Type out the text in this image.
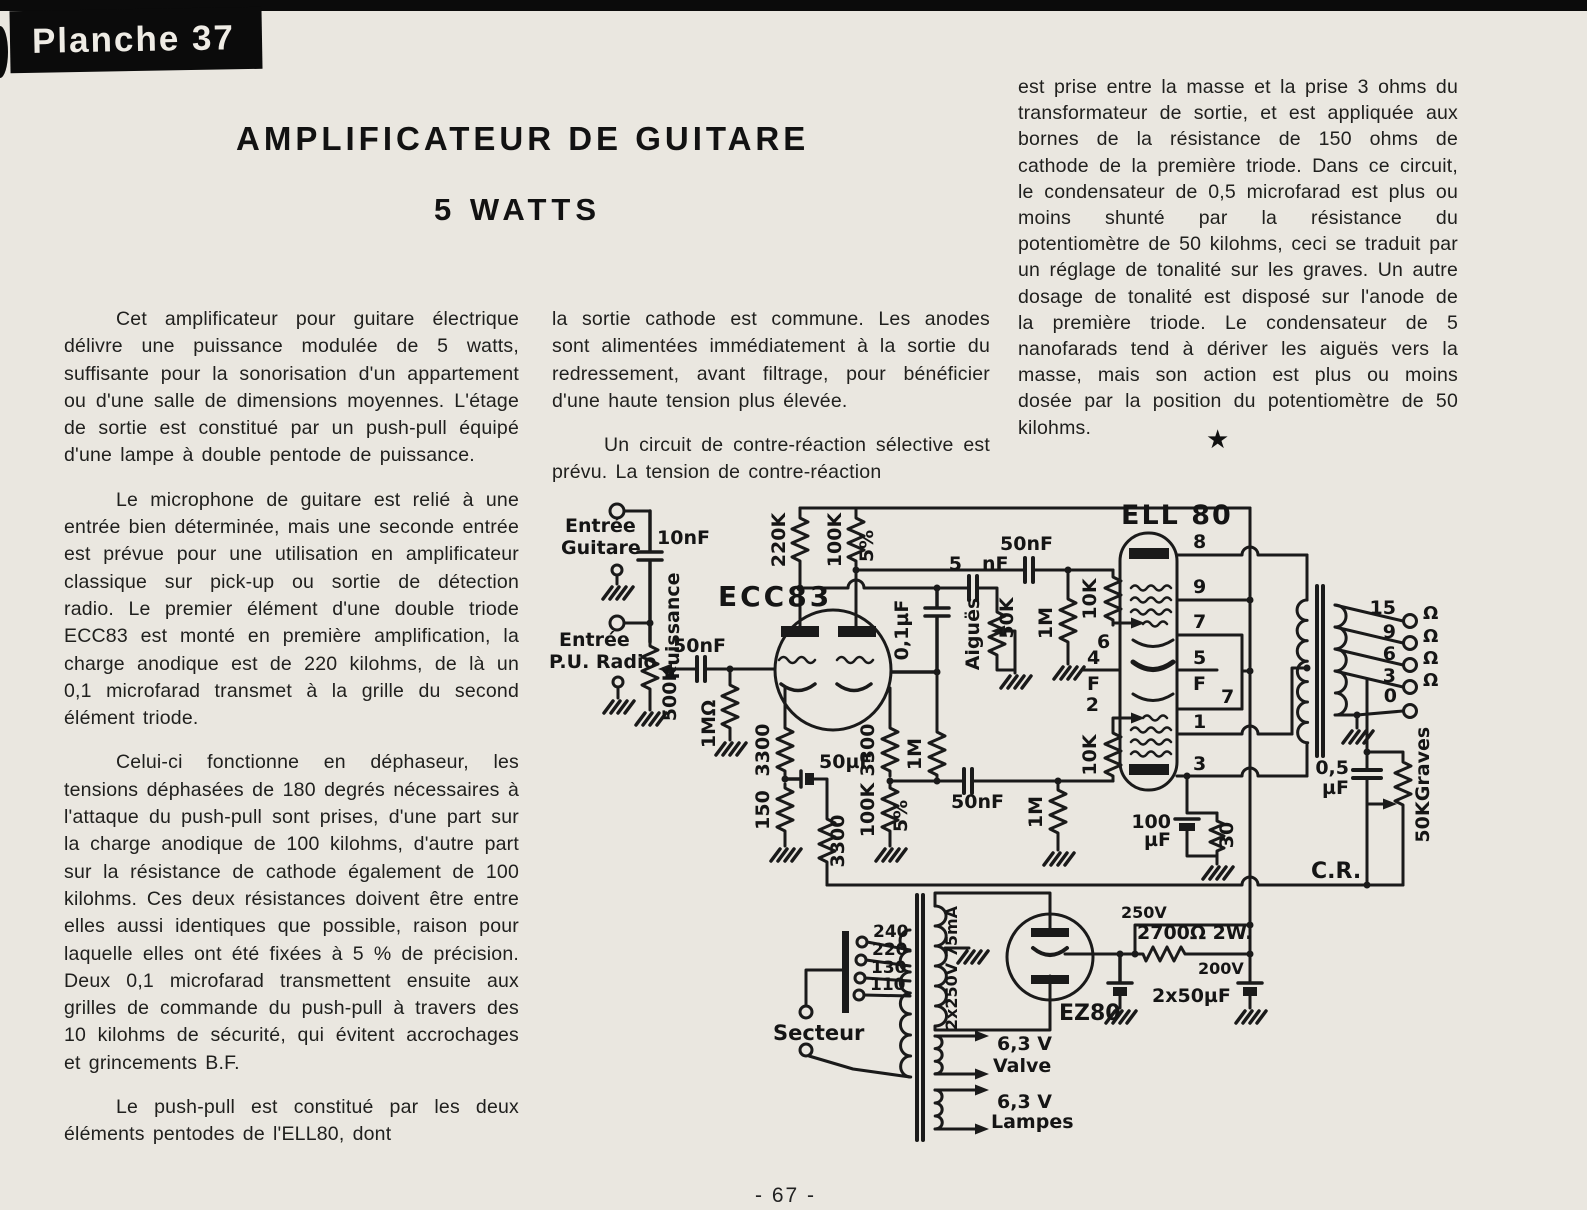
Planche 37
AMPLIFICATEUR DE GUITARE
5 WATTS

Cet amplificateur pour guitare électrique délivre une puissance modulée de 5 watts, suffisante pour la sonorisation d'un appartement ou d'une salle de dimensions moyennes. L'étage de sortie est constitué par un push-pull équipé d'une lampe à double pentode de puissance.

Le microphone de guitare est relié à une entrée bien déterminée, mais une seconde entrée est prévue pour une utilisation en amplificateur classique sur pick-up ou sortie de détection radio. Le premier élément d'une double triode ECC83 est monté en première amplification, la charge anodique est de 220 kilohms, de là un 0,1 microfarad transmet à la grille du second élément triode.

Celui-ci fonctionne en déphaseur, les tensions déphasées de 180 degrés nécessaires à l'attaque du push-pull sont prises, d'une part sur la charge anodique de 100 kilohms, d'autre part sur la résistance de cathode également de 100 kilohms. Ces deux résistances doivent être entre elles aussi identiques que possible, raison pour laquelle elles ont été fixées à 5 % de précision. Deux 0,1 microfarad transmettent ensuite aux grilles de commande du push-pull à travers des 10 kilohms de sécurité, qui évitent accrochages et grincements B.F.

Le push-pull est constitué par les deux éléments pentodes de l'ELL80, dont

la sortie cathode est commune. Les anodes sont alimentées immédiatement à la sortie du redressement, avant filtrage, pour bénéficier d'une haute tension plus élevée.

Un circuit de contre-réaction sélective est prévu. La tension de contre-réaction

est prise entre la masse et la prise 3 ohms du transformateur de sortie, et est appliquée aux bornes de la résistance de 150 ohms de cathode de la première triode. Dans ce circuit, le condensateur de 0,5 microfarad est plus ou moins shunté par la résistance du potentiomètre de 50 kilohms, ceci se traduit par un réglage de tonalité sur les graves. Un autre dosage de tonalité est disposé sur l'anode de la première triode. Le condensateur de 5 nanofarads tend à dériver les aiguës vers la masse, mais son action est plus ou moins dosée par la position du potentiomètre de 50 kilohms.	★
- 67 -
Entrée
Guitare 10nF
Entrée
P.U. Radio Puissance
500K
50nF
1MΩ
ECC83
220K 100K 5%
0,1µF
5 nF
Aiguës 50K
50nF
1M
10K
10K
ELL 80
8
9
7
5
F
7
1
3
6
4
F
2
3300
150
50µF
3300
3300
100K 5% 50nF
1M
1M	100
µF 30
15
9
6
3
0
Ω
Ω
Ω
Ω
0,5
µF
50K
Graves
C.R.
240
220
130
110
Secteur
2x250V 75mA
6,3 V
Valve
6,3 V
Lampes
EZ80
250V
2700Ω 2W.
200V
2x50µF
